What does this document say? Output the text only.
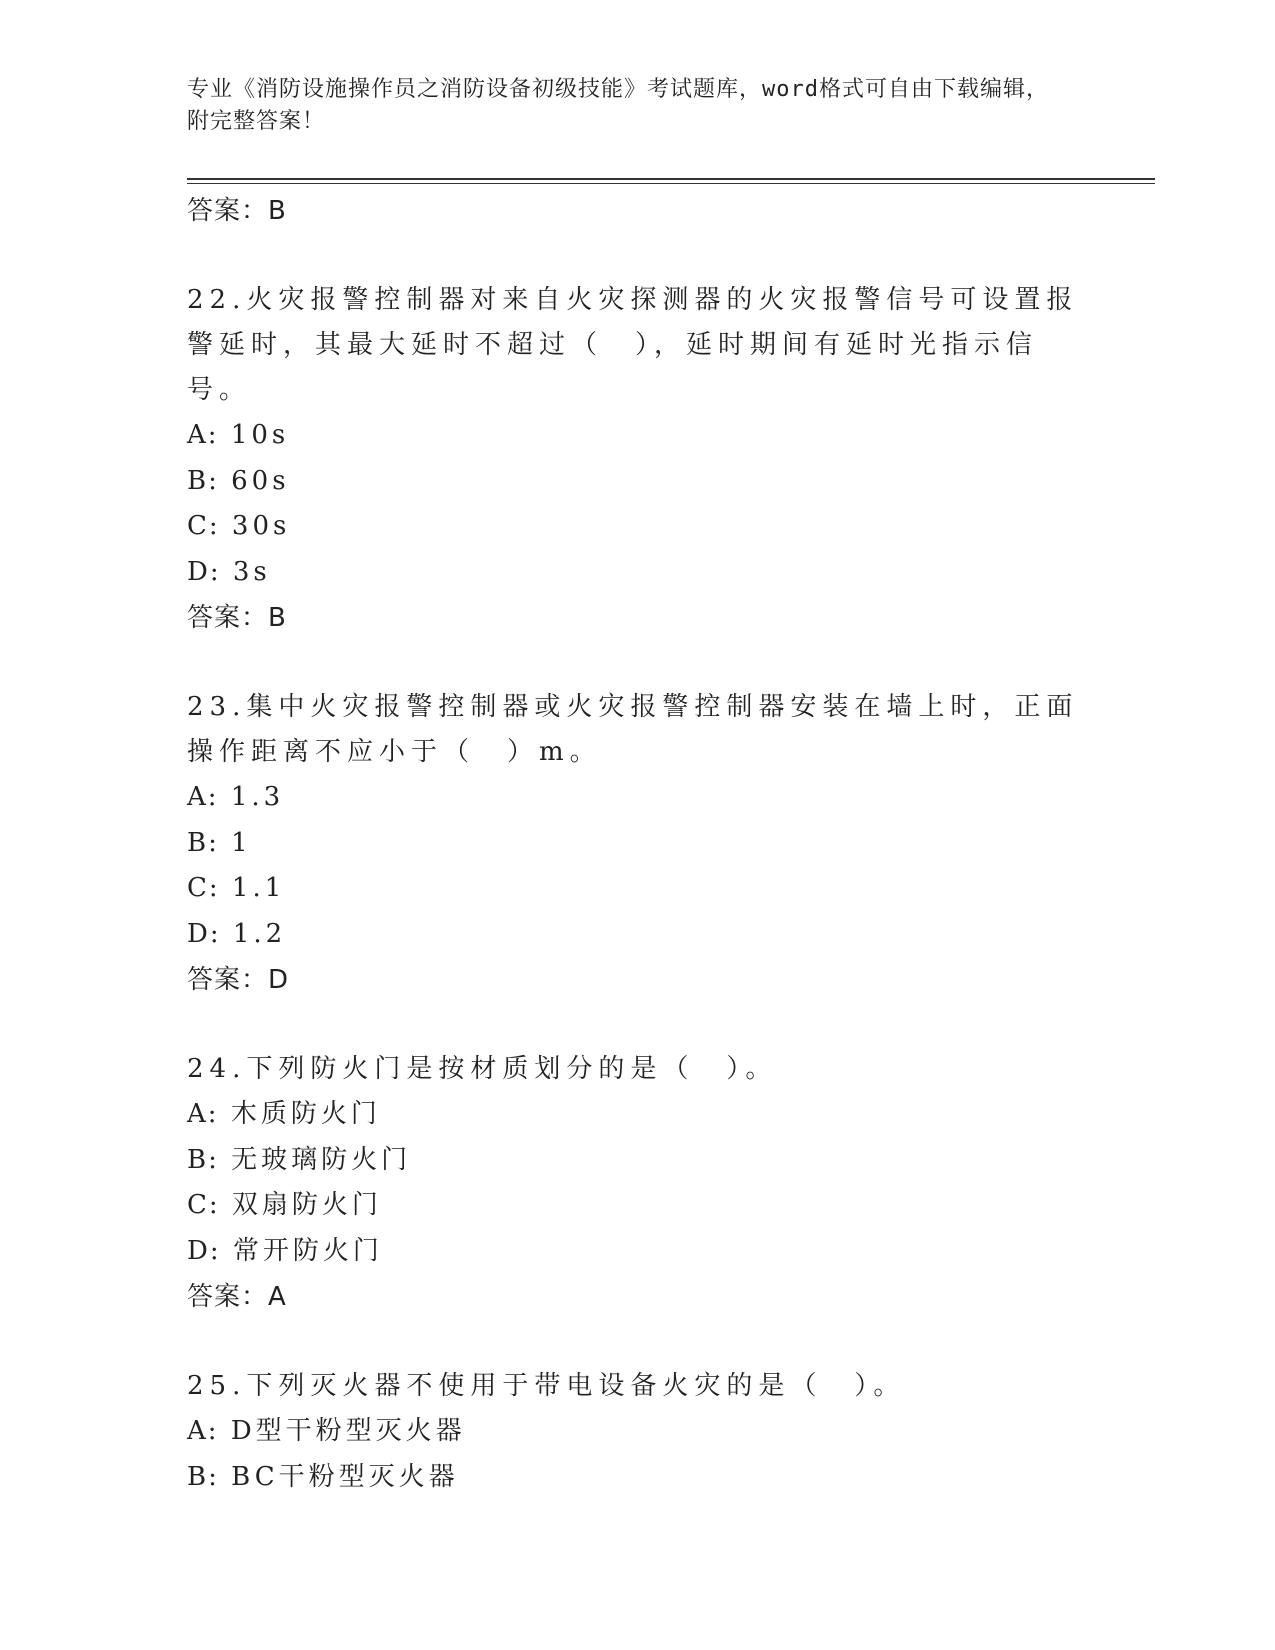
专业《消防设施操作员之消防设备初级技能》考试题库，word格式可自由下载编辑，附完整答案！
答案：B

22.火灾报警控制器对来自火灾探测器的火灾报警信号可设置报警延时，其最大延时不超过（　），延时期间有延时光指示信号。

A: 10s

B: 60s

C: 30s

D: 3s

答案：B

23.集中火灾报警控制器或火灾报警控制器安装在墙上时，正面操作距离不应小于（　）m。

A: 1.3

B: 1

C: 1.1

D: 1.2

答案：D

24.下列防火门是按材质划分的是（　）。

A: 木质防火门

B: 无玻璃防火门

C: 双扇防火门

D: 常开防火门

答案：A

25.下列灭火器不使用于带电设备火灾的是（　）。

A: D型干粉型灭火器

B: BC干粉型灭火器
